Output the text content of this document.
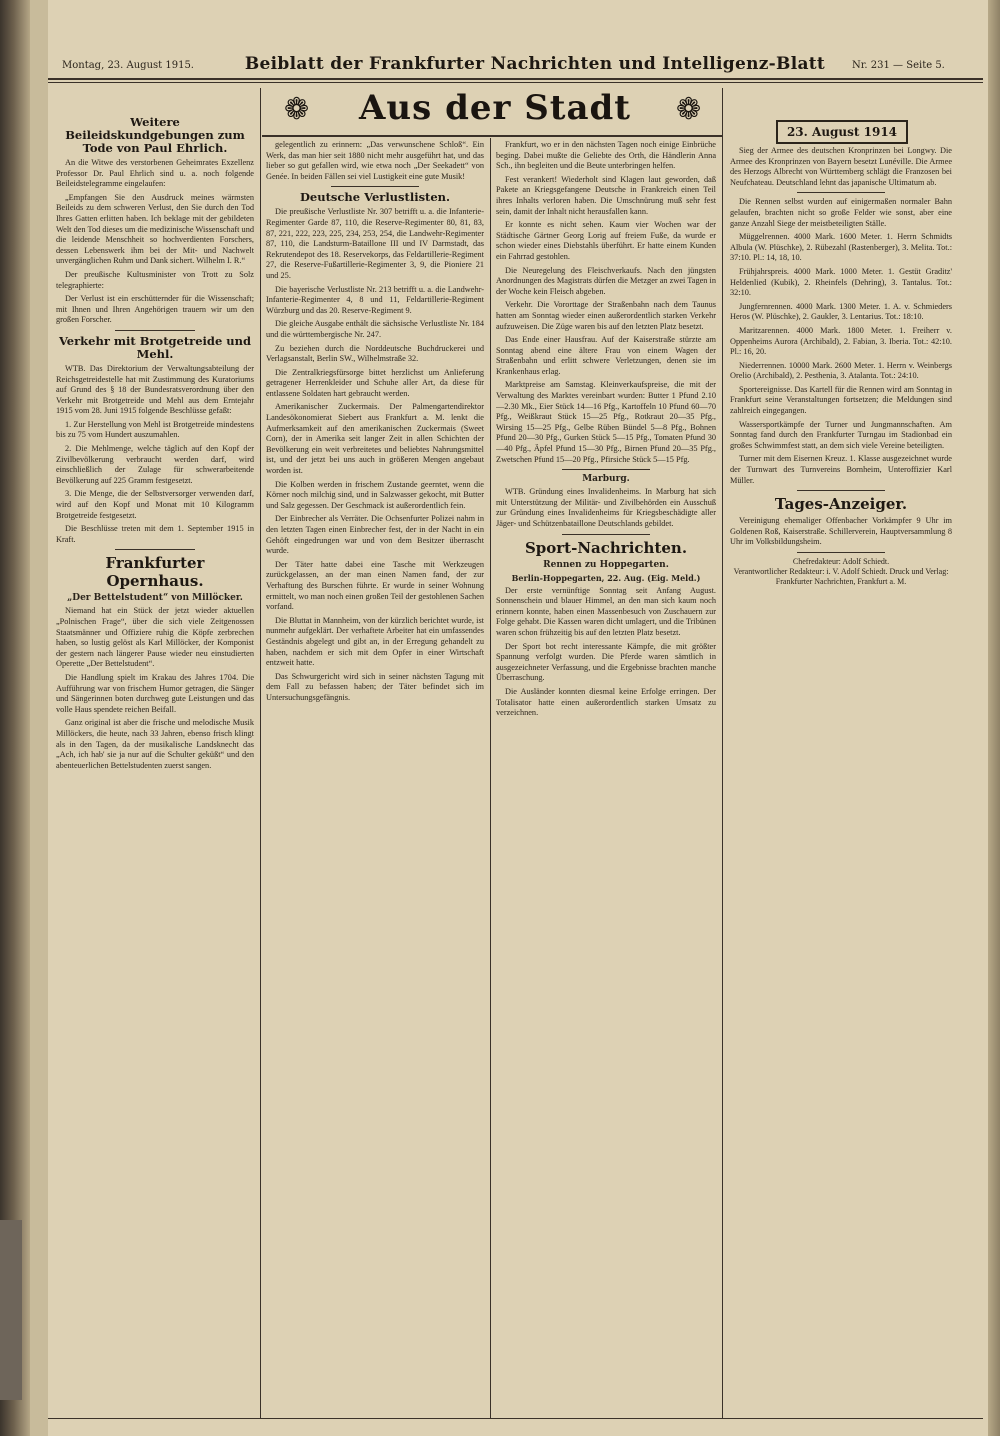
Montag, 23. August 1915.	Beiblatt der Frankfurter Nachrichten und Intelligenz-Blatt	Nr. 231 — Seite 5.
❁	Aus der Stadt	❁
Weitere Beileidskundgebungen zum Tode von Paul Ehrlich.

An die Witwe des verstorbenen Geheimrates Exzellenz Professor Dr. Paul Ehrlich sind u. a. noch folgende Beileidstelegramme eingelaufen:

„Empfangen Sie den Ausdruck meines wärmsten Beileids zu dem schweren Verlust, den Sie durch den Tod Ihres Gatten erlitten haben. Ich beklage mit der gebildeten Welt den Tod dieses um die medizinische Wissenschaft und die leidende Menschheit so hochverdienten Forschers, dessen Lebenswerk ihm bei der Mit- und Nachwelt unvergänglichen Ruhm und Dank sichert. Wilhelm I. R.“

Der preußische Kultusminister von Trott zu Solz telegraphierte:

Der Verlust ist ein erschütternder für die Wissenschaft; mit Ihnen und Ihren Angehörigen trauern wir um den großen Forscher.

Verkehr mit Brotgetreide und Mehl.

WTB. Das Direktorium der Verwaltungsabteilung der Reichsgetreidestelle hat mit Zustimmung des Kuratoriums auf Grund des § 18 der Bundesratsverordnung über den Verkehr mit Brotgetreide und Mehl aus dem Erntejahr 1915 vom 28. Juni 1915 folgende Beschlüsse gefaßt:

1. Zur Herstellung von Mehl ist Brotgetreide mindestens bis zu 75 vom Hundert auszumahlen.

2. Die Mehlmenge, welche täglich auf den Kopf der Zivilbevölkerung verbraucht werden darf, wird einschließlich der Zulage für schwerarbeitende Bevölkerung auf 225 Gramm festgesetzt.

3. Die Menge, die der Selbstversorger verwenden darf, wird auf den Kopf und Monat mit 10 Kilogramm Brotgetreide festgesetzt.

Die Beschlüsse treten mit dem 1. September 1915 in Kraft.

Frankfurter Opernhaus.
„Der Bettelstudent“ von Millöcker.

Niemand hat ein Stück der jetzt wieder aktuellen „Polnischen Frage“, über die sich viele Zeitgenossen Staatsmänner und Offiziere ruhig die Köpfe zerbrechen haben, so lustig gelöst als Karl Millöcker, der Komponist der gestern nach längerer Pause wieder neu einstudierten Operette „Der Bettelstudent“.

Die Handlung spielt im Krakau des Jahres 1704. Die Aufführung war von frischem Humor getragen, die Sänger und Sängerinnen boten durchweg gute Leistungen und das volle Haus spendete reichen Beifall.

Ganz original ist aber die frische und melodische Musik Millöckers, die heute, nach 33 Jahren, ebenso frisch klingt als in den Tagen, da der musikalische Landsknecht das „Ach, ich hab' sie ja nur auf die Schulter geküßt“ und den abenteuerlichen Bettelstudenten zuerst sangen.

gelegentlich zu erinnern: „Das verwunschene Schloß“. Ein Werk, das man hier seit 1880 nicht mehr ausgeführt hat, und das lieber so gut gefallen wird, wie etwa noch „Der Seekadett“ von Genée. In beiden Fällen sei viel Lustigkeit eine gute Musik!

Deutsche Verlustlisten.

Die preußische Verlustliste Nr. 307 betrifft u. a. die Infanterie-Regimenter Garde 87, 110, die Reserve-Regimenter 80, 81, 83, 87, 221, 222, 223, 225, 234, 253, 254, die Landwehr-Regimenter 87, 110, die Landsturm-Bataillone III und IV Darmstadt, das Rekrutendepot des 18. Reservekorps, das Feldartillerie-Regiment 27, die Reserve-Fußartillerie-Regimenter 3, 9, die Pioniere 21 und 25.

Die bayerische Verlustliste Nr. 213 betrifft u. a. die Landwehr-Infanterie-Regimenter 4, 8 und 11, Feldartillerie-Regiment Würzburg und das 20. Reserve-Regiment 9.

Die gleiche Ausgabe enthält die sächsische Verlustliste Nr. 184 und die württembergische Nr. 247.

Zu beziehen durch die Norddeutsche Buchdruckerei und Verlagsanstalt, Berlin SW., Wilhelmstraße 32.

Die Zentralkriegsfürsorge bittet herzlichst um Anlieferung getragener Herrenkleider und Schuhe aller Art, da diese für entlassene Soldaten hart gebraucht werden.

Amerikanischer Zuckermais. Der Palmengartendirektor Landesökonomierat Siebert aus Frankfurt a. M. lenkt die Aufmerksamkeit auf den amerikanischen Zuckermais (Sweet Corn), der in Amerika seit langer Zeit in allen Schichten der Bevölkerung ein weit verbreitetes und beliebtes Nahrungsmittel ist, und der jetzt bei uns auch in größeren Mengen angebaut worden ist.

Die Kolben werden in frischem Zustande geerntet, wenn die Körner noch milchig sind, und in Salzwasser gekocht, mit Butter und Salz gegessen. Der Geschmack ist außerordentlich fein.

Der Einbrecher als Verräter. Die Ochsenfurter Polizei nahm in den letzten Tagen einen Einbrecher fest, der in der Nacht in ein Gehöft eingedrungen war und von dem Besitzer überrascht wurde.

Der Täter hatte dabei eine Tasche mit Werkzeugen zurückgelassen, an der man einen Namen fand, der zur Verhaftung des Burschen führte. Er wurde in seiner Wohnung ermittelt, wo man noch einen großen Teil der gestohlenen Sachen vorfand.

Die Bluttat in Mannheim, von der kürzlich berichtet wurde, ist nunmehr aufgeklärt. Der verhaftete Arbeiter hat ein umfassendes Geständnis abgelegt und gibt an, in der Erregung gehandelt zu haben, nachdem er sich mit dem Opfer in einer Wirtschaft entzweit hatte.

Das Schwurgericht wird sich in seiner nächsten Tagung mit dem Fall zu befassen haben; der Täter befindet sich im Untersuchungsgefängnis.

Frankfurt, wo er in den nächsten Tagen noch einige Einbrüche beging. Dabei mußte die Geliebte des Orth, die Händlerin Anna Sch., ihn begleiten und die Beute unterbringen helfen.

Fest verankert! Wiederholt sind Klagen laut geworden, daß Pakete an Kriegsgefangene Deutsche in Frankreich einen Teil ihres Inhalts verloren haben. Die Umschnürung muß sehr fest sein, damit der Inhalt nicht herausfallen kann.

Er konnte es nicht sehen. Kaum vier Wochen war der Städtische Gärtner Georg Lorig auf freiem Fuße, da wurde er schon wieder eines Diebstahls überführt. Er hatte einem Kunden ein Fahrrad gestohlen.

Die Neuregelung des Fleischverkaufs. Nach den jüngsten Anordnungen des Magistrats dürfen die Metzger an zwei Tagen in der Woche kein Fleisch abgeben.

Verkehr. Die Vororttage der Straßenbahn nach dem Taunus hatten am Sonntag wieder einen außerordentlich starken Verkehr aufzuweisen. Die Züge waren bis auf den letzten Platz besetzt.

Das Ende einer Hausfrau. Auf der Kaiserstraße stürzte am Sonntag abend eine ältere Frau von einem Wagen der Straßenbahn und erlitt schwere Verletzungen, denen sie im Krankenhaus erlag.

Marktpreise am Samstag. Kleinverkaufspreise, die mit der Verwaltung des Marktes vereinbart wurden: Butter 1 Pfund 2.10—2.30 Mk., Eier Stück 14—16 Pfg., Kartoffeln 10 Pfund 60—70 Pfg., Weißkraut Stück 15—25 Pfg., Rotkraut 20—35 Pfg., Wirsing 15—25 Pfg., Gelbe Rüben Bündel 5—8 Pfg., Bohnen Pfund 20—30 Pfg., Gurken Stück 5—15 Pfg., Tomaten Pfund 30—40 Pfg., Äpfel Pfund 15—30 Pfg., Birnen Pfund 20—35 Pfg., Zwetschen Pfund 15—20 Pfg., Pfirsiche Stück 5—15 Pfg.

Marburg.

WTB. Gründung eines Invalidenheims. In Marburg hat sich mit Unterstützung der Militär- und Zivilbehörden ein Ausschuß zur Gründung eines Invalidenheims für Kriegsbeschädigte aller Jäger- und Schützenbataillone Deutschlands gebildet.

Sport-Nachrichten.
Rennen zu Hoppegarten.
Berlin-Hoppegarten, 22. Aug. (Eig. Meld.)

Der erste vernünftige Sonntag seit Anfang August. Sonnenschein und blauer Himmel, an den man sich kaum noch erinnern konnte, haben einen Massenbesuch von Zuschauern zur Folge gehabt. Die Kassen waren dicht umlagert, und die Tribünen waren schon frühzeitig bis auf den letzten Platz besetzt.

Der Sport bot recht interessante Kämpfe, die mit größter Spannung verfolgt wurden. Die Pferde waren sämtlich in ausgezeichneter Verfassung, und die Ergebnisse brachten manche Überraschung.

Die Ausländer konnten diesmal keine Erfolge erringen. Der Totalisator hatte einen außerordentlich starken Umsatz zu verzeichnen.

23. August 1914

Sieg der Armee des deutschen Kronprinzen bei Longwy. Die Armee des Kronprinzen von Bayern besetzt Lunéville. Die Armee des Herzogs Albrecht von Württemberg schlägt die Franzosen bei Neufchateau. Deutschland lehnt das japanische Ultimatum ab.

Die Rennen selbst wurden auf einigermaßen normaler Bahn gelaufen, brachten nicht so große Felder wie sonst, aber eine ganze Anzahl Siege der meistbeteiligten Ställe.

Müggelrennen. 4000 Mark. 1600 Meter. 1. Herrn Schmidts Albula (W. Plüschke), 2. Rübezahl (Rastenberger), 3. Melita. Tot.: 37:10. Pl.: 14, 18, 10.

Frühjahrspreis. 4000 Mark. 1000 Meter. 1. Gestüt Graditz' Heldenlied (Kubik), 2. Rheinfels (Dehring), 3. Tantalus. Tot.: 32:10.

Jungfernrennen. 4000 Mark. 1300 Meter. 1. A. v. Schmieders Heros (W. Plüschke), 2. Gaukler, 3. Lentarius. Tot.: 18:10.

Maritzarennen. 4000 Mark. 1800 Meter. 1. Freiherr v. Oppenheims Aurora (Archibald), 2. Fabian, 3. Iberia. Tot.: 42:10. Pl.: 16, 20.

Niederrennen. 10000 Mark. 2600 Meter. 1. Herrn v. Weinbergs Orelio (Archibald), 2. Pesthenia, 3. Atalanta. Tot.: 24:10.

Sportereignisse. Das Kartell für die Rennen wird am Sonntag in Frankfurt seine Veranstaltungen fortsetzen; die Meldungen sind zahlreich eingegangen.

Wassersportkämpfe der Turner und Jungmannschaften. Am Sonntag fand durch den Frankfurter Turngau im Stadionbad ein großes Schwimmfest statt, an dem sich viele Vereine beteiligten.

Turner mit dem Eisernen Kreuz. 1. Klasse ausgezeichnet wurde der Turnwart des Turnvereins Bornheim, Unteroffizier Karl Müller.

Tages-Anzeiger.

Vereinigung ehemaliger Offenbacher Vorkämpfer 9 Uhr im Goldenen Roß, Kaiserstraße. Schillerverein, Hauptversammlung 8 Uhr im Volksbildungsheim.

Chefredakteur: Adolf Schiedt.
Verantwortlicher Redakteur: i. V. Adolf Schiedt. Druck und Verlag: Frankfurter Nachrichten, Frankfurt a. M.
